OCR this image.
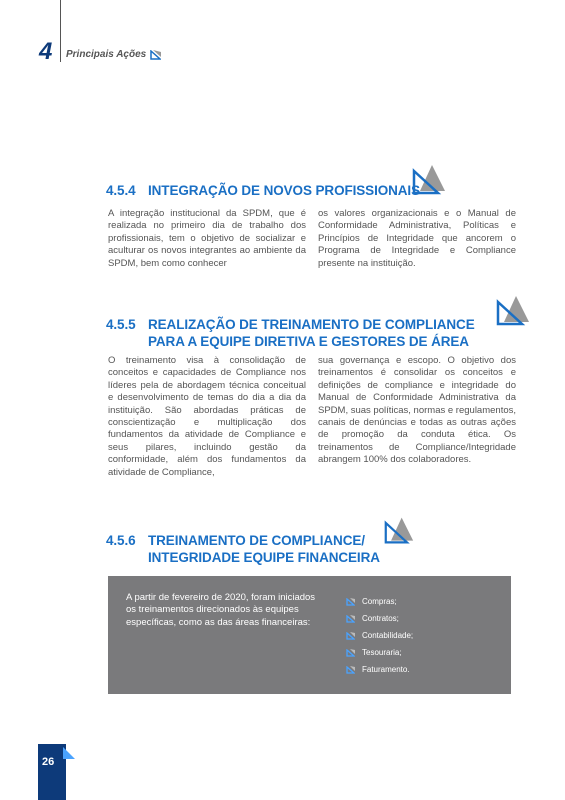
4 Principais Ações
4.5.4 INTEGRAÇÃO DE NOVOS PROFISSIONAIS
A integração institucional da SPDM, que é realizada no primeiro dia de trabalho dos profissionais, tem o objetivo de socializar e aculturar os novos integrantes ao ambiente da SPDM, bem como conhecer
os valores organizacionais e o Manual de Conformidade Administrativa, Políticas e Princípios de Integridade que ancorem o Programa de Integridade e Compliance presente na instituição.
4.5.5 REALIZAÇÃO DE TREINAMENTO DE COMPLIANCE
PARA A EQUIPE DIRETIVA E GESTORES DE ÁREA
O treinamento visa à consolidação de conceitos e capacidades de Compliance nos líderes pela de abordagem técnica conceitual e desenvolvimento de temas do dia a dia da instituição. São abordadas práticas de conscientização e multiplicação dos fundamentos da atividade de Compliance e seus pilares, incluindo gestão da conformidade, além dos fundamentos da atividade de Compliance,
sua governança e escopo. O objetivo dos treinamentos é consolidar os conceitos e definições de compliance e integridade do Manual de Conformidade Administrativa da SPDM, suas políticas, normas e regulamentos, canais de denúncias e todas as outras ações de promoção da conduta ética. Os treinamentos de Compliance/Integridade abrangem 100% dos colaboradores.
4.5.6 TREINAMENTO DE COMPLIANCE/
INTEGRIDADE EQUIPE FINANCEIRA
A partir de fevereiro de 2020, foram iniciados os treinamentos direcionados às equipes específicas, como as das áreas financeiras:
Compras;
Contratos;
Contabilidade;
Tesouraria;
Faturamento.
26
